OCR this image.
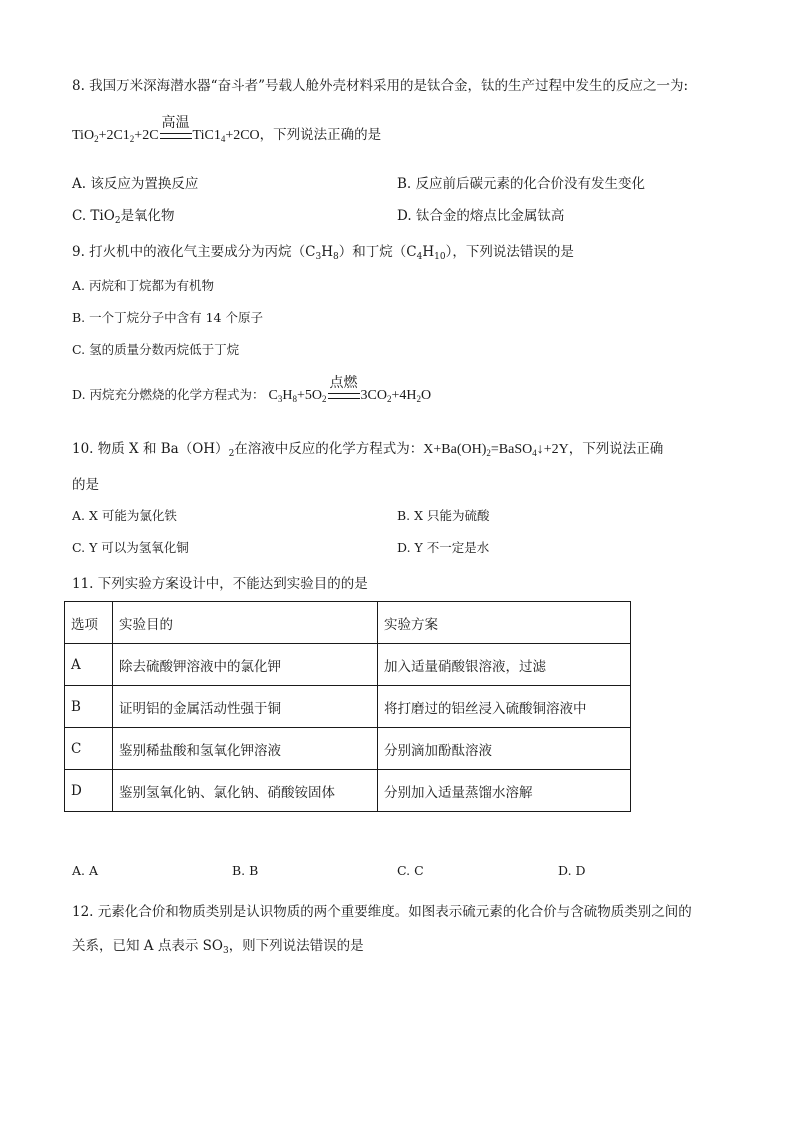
8. 我国万米深海潜水器“奋斗者”号载人舱外壳材料采用的是钛合金，钛的生产过程中发生的反应之一为:
$TiO_2+2C1_2+2C$
高温
$TiC1_4+2CO$，下列说法正确的是
A. 该反应为置换反应	B. 反应前后碳元素的化合价没有发生变化
C. TiO$_2$是氧化物	D. 钛合金的熔点比金属钛高
9. 打火机中的液化气主要成分为丙烷$(C_3H_8)$和丁烷$(C_4H_{10})$，下列说法错误的是
A. 丙烷和丁烷都为有机物
B. 一个丁烷分子中含有 14 个原子
C. 氢的质量分数丙烷低于丁烷
D. 丙烷充分燃烧的化学方程式为： $C_3H_8+5O_2$
点燃
$3CO_2+4H_2O$
10. 物质 X 和 $Ba(OH)_2$在溶液中反应的化学方程式为：$X+Ba(OH)_2=BaSO_4↓+2Y$，下列说法正确
的是
A. X 可能为氯化铁	B. X 只能为硫酸
C. Y 可以为氢氧化铜	D. Y 不一定是水
11. 下列实验方案设计中，不能达到实验目的的是
选项	实验目的	实验方案
A	除去硫酸钾溶液中的氯化钾	加入适量硝酸银溶液，过滤
B	证明铝的金属活动性强于铜	将打磨过的铝丝浸入硫酸铜溶液中
C	鉴别稀盐酸和氢氧化钾溶液	分别滴加酚酞溶液
D	鉴别氢氧化钠、氯化钠、硝酸铵固体	分别加入适量蒸馏水溶解
A. A	B. B	C. C	D. D
12. 元素化合价和物质类别是认识物质的两个重要维度。如图表示硫元素的化合价与含硫物质类别之间的
关系，已知 A 点表示 $SO_3$，则下列说法错误的是
